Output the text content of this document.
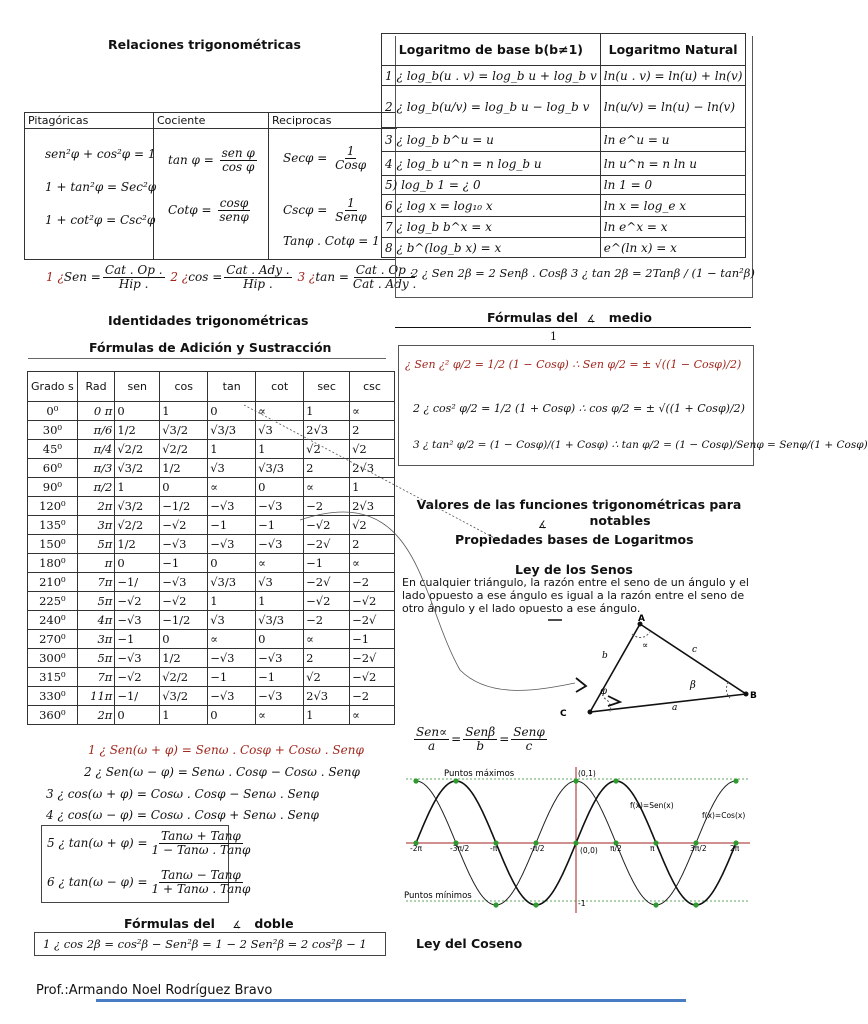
Relaciones trigonométricas
Pitagóricas
sen²φ + cos²φ = 1
1 + tan²φ = Sec²φ
1 + cot²φ = Csc²φ
Cociente
$\tan \varphi = \frac{\text{sen φ}}{\text{cos φ}}$
$Cot\varphi = \frac{\cos\varphi}{\text{senφ}}$
Reciprocas
$Sec\varphi = \frac{1}{\text{Cosφ}}$
$Csc\varphi = \frac{1}{\text{Senφ}}$
Tanφ . Cotφ = 1
1 ¿Sen = $\frac{\text{Cat . Op .}}{\text{Hip .}} 2$ ¿$\cos = \frac{\text{Cat . Ady .}}{\text{Hip .}} 3$ ¿$\tan = \frac{\text{Cat . Op .}}{\text{Cat . Ady .}}$
Logaritmo de base b(b≠1)	Logaritmo Natural
1 ¿ log_b(u . v) = log_b u + log_b v	ln(u . v) = ln(u) + ln(v)
2 ¿ log_b(u/v) = log_b u − log_b v	ln(u/v) = ln(u) − ln(v)
3 ¿ log_b b^u = u	ln e^u = u
4 ¿ log_b u^n = n log_b u	ln u^n = n ln u
5) log_b 1 = ¿ 0	ln 1 = 0
6 ¿ log x = log₁₀ x	ln x = log_e x
7 ¿ log_b b^x = x	ln e^x = x
8 ¿ b^(log_b x) = x	e^(ln x) = x
2 ¿ Sen 2β = 2 Senβ . Cosβ 3 ¿ tan 2β = 2Tanβ / (1 − tan²β)
Identidades trigonométricas
Fórmulas de Adición y Sustracción
Fórmulas del ∡ medio
1
¿ Sen ¿² φ/2 = 1/2 (1 − Cosφ) ∴ Sen φ/2 = ± √((1 − Cosφ)/2)
2 ¿ cos² φ/2 = 1/2 (1 + Cosφ) ∴ cos φ/2 = ± √((1 + Cosφ)/2)
3 ¿ tan² φ/2 = (1 − Cosφ)/(1 + Cosφ) ∴ tan φ/2 = (1 − Cosφ)/Senφ = Senφ/(1 + Cosφ)
Grado s	Rad	sen	cos	tan	cot	sec	csc
0⁰	0 π	0	1	0	∝	1	∝
30⁰	π/6	1/2	√3/2	√3/3	√3	2√3	2
45⁰	π/4	√2/2	√2/2	1	1	√2	√2
60⁰	π/3	√3/2	1/2	√3	√3/3	2	2√3
90⁰	π/2	1	0	∝	0	∝	1
120⁰	2π	√3/2	−1/2	−√3	−√3	−2	2√3
135⁰	3π	√2/2	−√2	−1	−1	−√2	√2
150⁰	5π	1/2	−√3	−√3	−√3	−2√	2
180⁰	π	0	−1	0	∝	−1	∝
210⁰	7π	−1/	−√3	√3/3	√3	−2√	−2
225⁰	5π	−√2	−√2	1	1	−√2	−√2
240⁰	4π	−√3	−1/2	√3	√3/3	−2	−2√
270⁰	3π	−1	0	∝	0	∝	−1
300⁰	5π	−√3	1/2	−√3	−√3	2	−2√
315⁰	7π	−√2	√2/2	−1	−1	√2	−√2
330⁰	11π	−1/	√3/2	−√3	−√3	2√3	−2
360⁰	2π	0	1	0	∝	1	∝
1 ¿ Sen(ω + φ) = Senω . Cosφ + Cosω . Senφ
2 ¿ Sen(ω − φ) = Senω . Cosφ − Cosω . Senφ
3 ¿ cos(ω + φ) = Cosω . Cosφ − Senω . Senφ
4 ¿ cos(ω − φ) = Cosω . Cosφ + Senω . Senφ
5 ¿ $\tan(\omega + \varphi) = \frac{\text{Tanω + Tanφ}}{\text{1 − Tanω . Tanφ}}$
6 ¿ $\tan(\omega - \varphi) = \frac{\text{Tanω − Tanφ}}{\text{1 + Tanω . Tanφ}}$
Fórmulas del ∡ doble
1 ¿ cos 2β = cos²β − Sen²β = 1 − 2 Sen²β = 2 cos²β − 1
Valores de las funciones trigonométricas para
notables
∡
Propiedades bases de Logaritmos
Ley de los Senos
En cualquier triángulo, la razón entre el seno de un ángulo y el lado opuesto a ese ángulo es igual a la razón entre el seno de otro ángulo y el lado opuesto a ese ángulo.
A
B
C
b
c
a
∝
β
φ
$\frac{\text{Sen∝}}{a} = \frac{\text{Senβ}}{b} = \frac{\text{Senφ}}{c}$
-2π	-3π/2	-π	-π/2	π/2	π	3π/2	2π
Puntos máximos
Puntos mínimos
f(x)=Sen(x)
f(x)=Cos(x)
(0,1)
(0,0)
-1
Ley del Coseno
Prof.:Armando Noel Rodríguez Bravo
